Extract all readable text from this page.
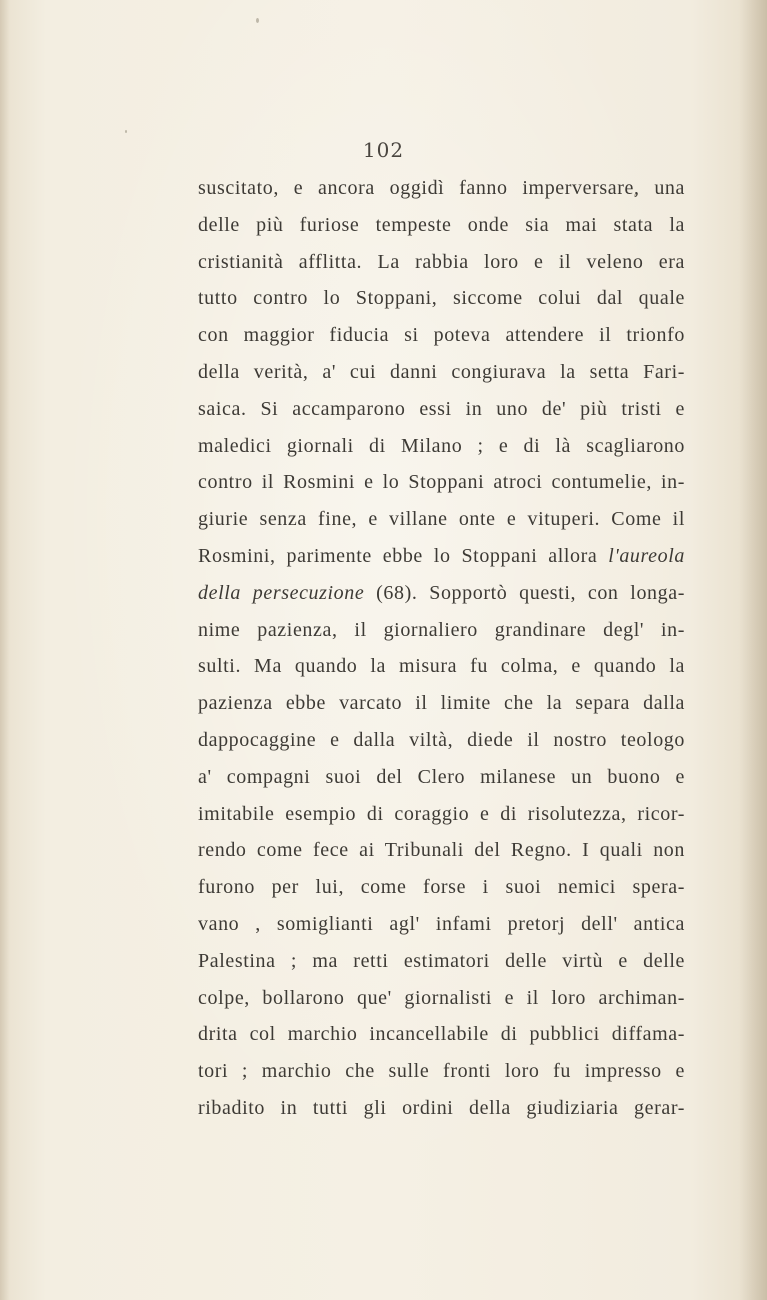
102
suscitato, e ancora oggidì fanno imperversare, una
delle più furiose tempeste onde sia mai stata la
cristianità afflitta. La rabbia loro e il veleno era
tutto contro lo Stoppani, siccome colui dal quale
con maggior fiducia si poteva attendere il trionfo
della verità, a' cui danni congiurava la setta Fari-
saica. Si accamparono essi in uno de' più tristi e
maledici giornali di Milano ; e di là scagliarono
contro il Rosmini e lo Stoppani atroci contumelie, in-
giurie senza fine, e villane onte e vituperi. Come il
Rosmini, parimente ebbe lo Stoppani allora l'aureola
della persecuzione (68). Sopportò questi, con longa-
nime pazienza, il giornaliero grandinare degl' in-
sulti. Ma quando la misura fu colma, e quando la
pazienza ebbe varcato il limite che la separa dalla
dappocaggine e dalla viltà, diede il nostro teologo
a' compagni suoi del Clero milanese un buono e
imitabile esempio di coraggio e di risolutezza, ricor-
rendo come fece ai Tribunali del Regno. I quali non
furono per lui, come forse i suoi nemici spera-
vano , somiglianti agl' infami pretorj dell' antica
Palestina ; ma retti estimatori delle virtù e delle
colpe, bollarono que' giornalisti e il loro archiman-
drita col marchio incancellabile di pubblici diffama-
tori ; marchio che sulle fronti loro fu impresso e
ribadito in tutti gli ordini della giudiziaria gerar-
